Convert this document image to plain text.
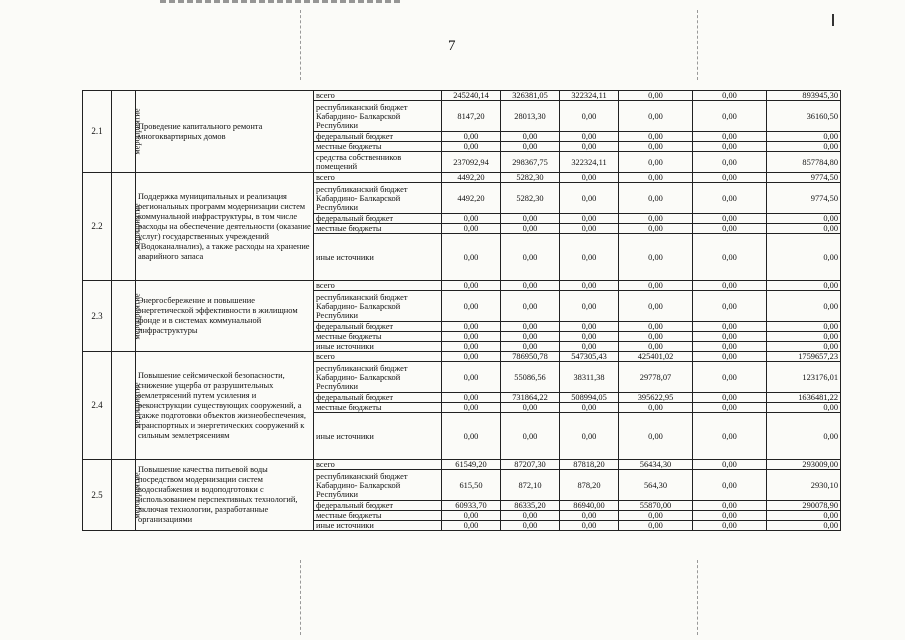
7
2.1	мероприятие	Проведение капитального ремонта многоквартирных домов	всего	245240,14	326381,05	322324,11	0,00	0,00	893945,30
			республиканский бюджет Кабардино- Балкарской Республики	8147,20	28013,30	0,00	0,00	0,00	36160,50
			федеральный бюджет	0,00	0,00	0,00	0,00	0,00	0,00
			местные бюджеты	0,00	0,00	0,00	0,00	0,00	0,00
			средства собственников помещений	237092,94	298367,75	322324,11	0,00	0,00	857784,80
2.2	мероприятие	Поддержка муниципальных и реализация региональных программ модернизации систем коммунальной инфраструктуры, в том числе расходы на обеспечение деятельности (оказание услуг) государственных учреждений (Водоканалнализ), а также расходы на хранение аварийного запаса	всего	4492,20	5282,30	0,00	0,00	0,00	9774,50
			республиканский бюджет Кабардино- Балкарской Республики	4492,20	5282,30	0,00	0,00	0,00	9774,50
			федеральный бюджет	0,00	0,00	0,00	0,00	0,00	0,00
			местные бюджеты	0,00	0,00	0,00	0,00	0,00	0,00
			иные источники	0,00	0,00	0,00	0,00	0,00	0,00
2.3	мероприятие	Энергосбережение и повышение энергетической эффективности в жилищном фонде и в системах коммунальной инфраструктуры	всего	0,00	0,00	0,00	0,00	0,00	0,00
			республиканский бюджет Кабардино- Балкарской Республики	0,00	0,00	0,00	0,00	0,00	0,00
			федеральный бюджет	0,00	0,00	0,00	0,00	0,00	0,00
			местные бюджеты	0,00	0,00	0,00	0,00	0,00	0,00
			иные источники	0,00	0,00	0,00	0,00	0,00	0,00
2.4	мероприятие	Повышение сейсмической безопасности, снижение ущерба от разрушительных землетрясений путем усиления и реконструкции существующих сооружений, а также подготовки объектов жизнеобеспечения, транспортных и энергетических сооружений к сильным землетрясениям	всего	0,00	786950,78	547305,43	425401,02	0,00	1759657,23
			республиканский бюджет Кабардино- Балкарской Республики	0,00	55086,56	38311,38	29778,07	0,00	123176,01
			федеральный бюджет	0,00	731864,22	508994,05	395622,95	0,00	1636481,22
			местные бюджеты	0,00	0,00	0,00	0,00	0,00	0,00
			иные источники	0,00	0,00	0,00	0,00	0,00	0,00
2.5	мероприятие	Повышение качества питьевой воды посредством модернизации систем водоснабжения и водоподготовки с использованием перспективных технологий, включая технологии, разработанные организациями	всего	61549,20	87207,30	87818,20	56434,30	0,00	293009,00
			республиканский бюджет Кабардино- Балкарской Республики	615,50	872,10	878,20	564,30	0,00	2930,10
			федеральный бюджет	60933,70	86335,20	86940,00	55870,00	0,00	290078,90
			местные бюджеты	0,00	0,00	0,00	0,00	0,00	0,00
			иные источники	0,00	0,00	0,00	0,00	0,00	0,00
